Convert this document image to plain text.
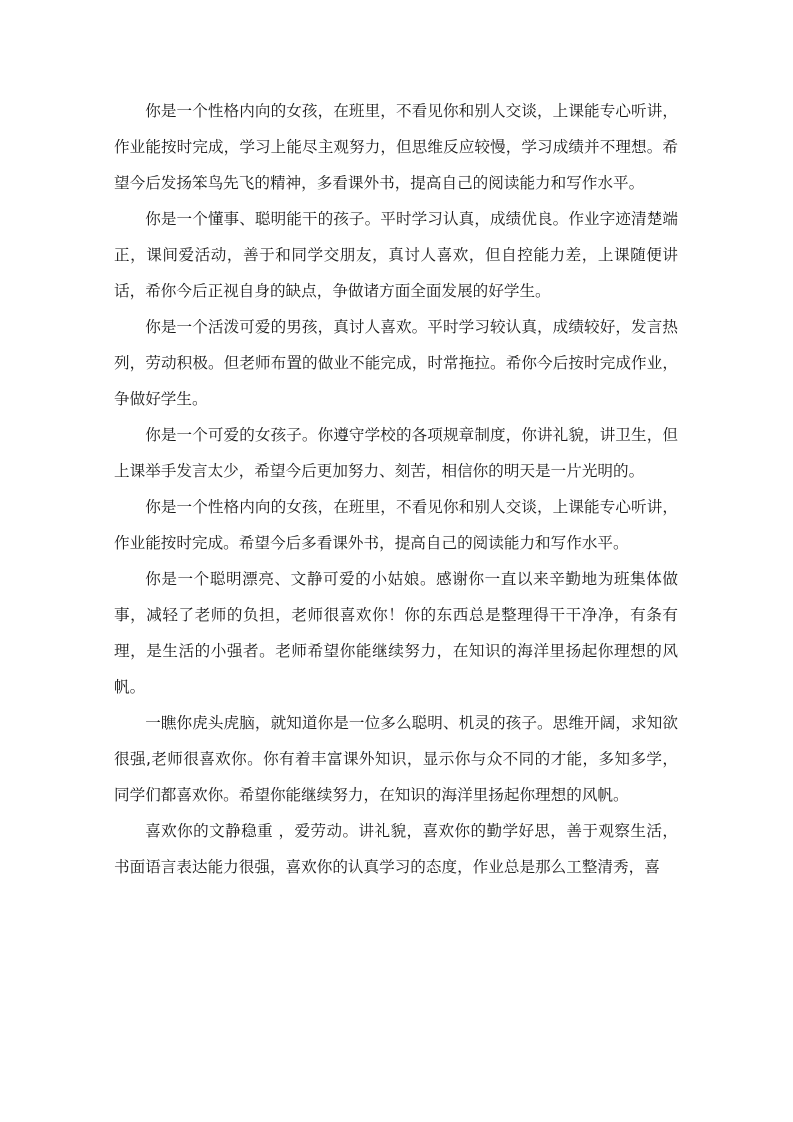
你是一个性格内向的女孩，在班里，不看见你和别人交谈，上课能专心听讲，作业能按时完成，学习上能尽主观努力，但思维反应较慢，学习成绩并不理想。希望今后发扬笨鸟先飞的精神，多看课外书，提高自己的阅读能力和写作水平。

你是一个懂事、聪明能干的孩子。平时学习认真，成绩优良。作业字迹清楚端正，课间爱活动，善于和同学交朋友，真讨人喜欢，但自控能力差，上课随便讲话，希你今后正视自身的缺点，争做诸方面全面发展的好学生。

你是一个活泼可爱的男孩，真讨人喜欢。平时学习较认真，成绩较好，发言热列，劳动积极。但老师布置的做业不能完成，时常拖拉。希你今后按时完成作业，争做好学生。

你是一个可爱的女孩子。你遵守学校的各项规章制度，你讲礼貌，讲卫生，但上课举手发言太少，希望今后更加努力、刻苦，相信你的明天是一片光明的。

你是一个性格内向的女孩，在班里，不看见你和别人交谈，上课能专心听讲，作业能按时完成。希望今后多看课外书，提高自己的阅读能力和写作水平。

你是一个聪明漂亮、文静可爱的小姑娘。感谢你一直以来辛勤地为班集体做事，减轻了老师的负担，老师很喜欢你！你的东西总是整理得干干净净，有条有理，是生活的小强者。老师希望你能继续努力，在知识的海洋里扬起你理想的风帆。

一瞧你虎头虎脑，就知道你是一位多么聪明、机灵的孩子。思维开阔，求知欲很强,老师很喜欢你。你有着丰富课外知识，显示你与众不同的才能，多知多学，同学们都喜欢你。希望你能继续努力，在知识的海洋里扬起你理想的风帆。

喜欢你的文静稳重 ，爱劳动。讲礼貌，喜欢你的勤学好思，善于观察生活，书面语言表达能力很强，喜欢你的认真学习的态度，作业总是那么工整清秀，喜
